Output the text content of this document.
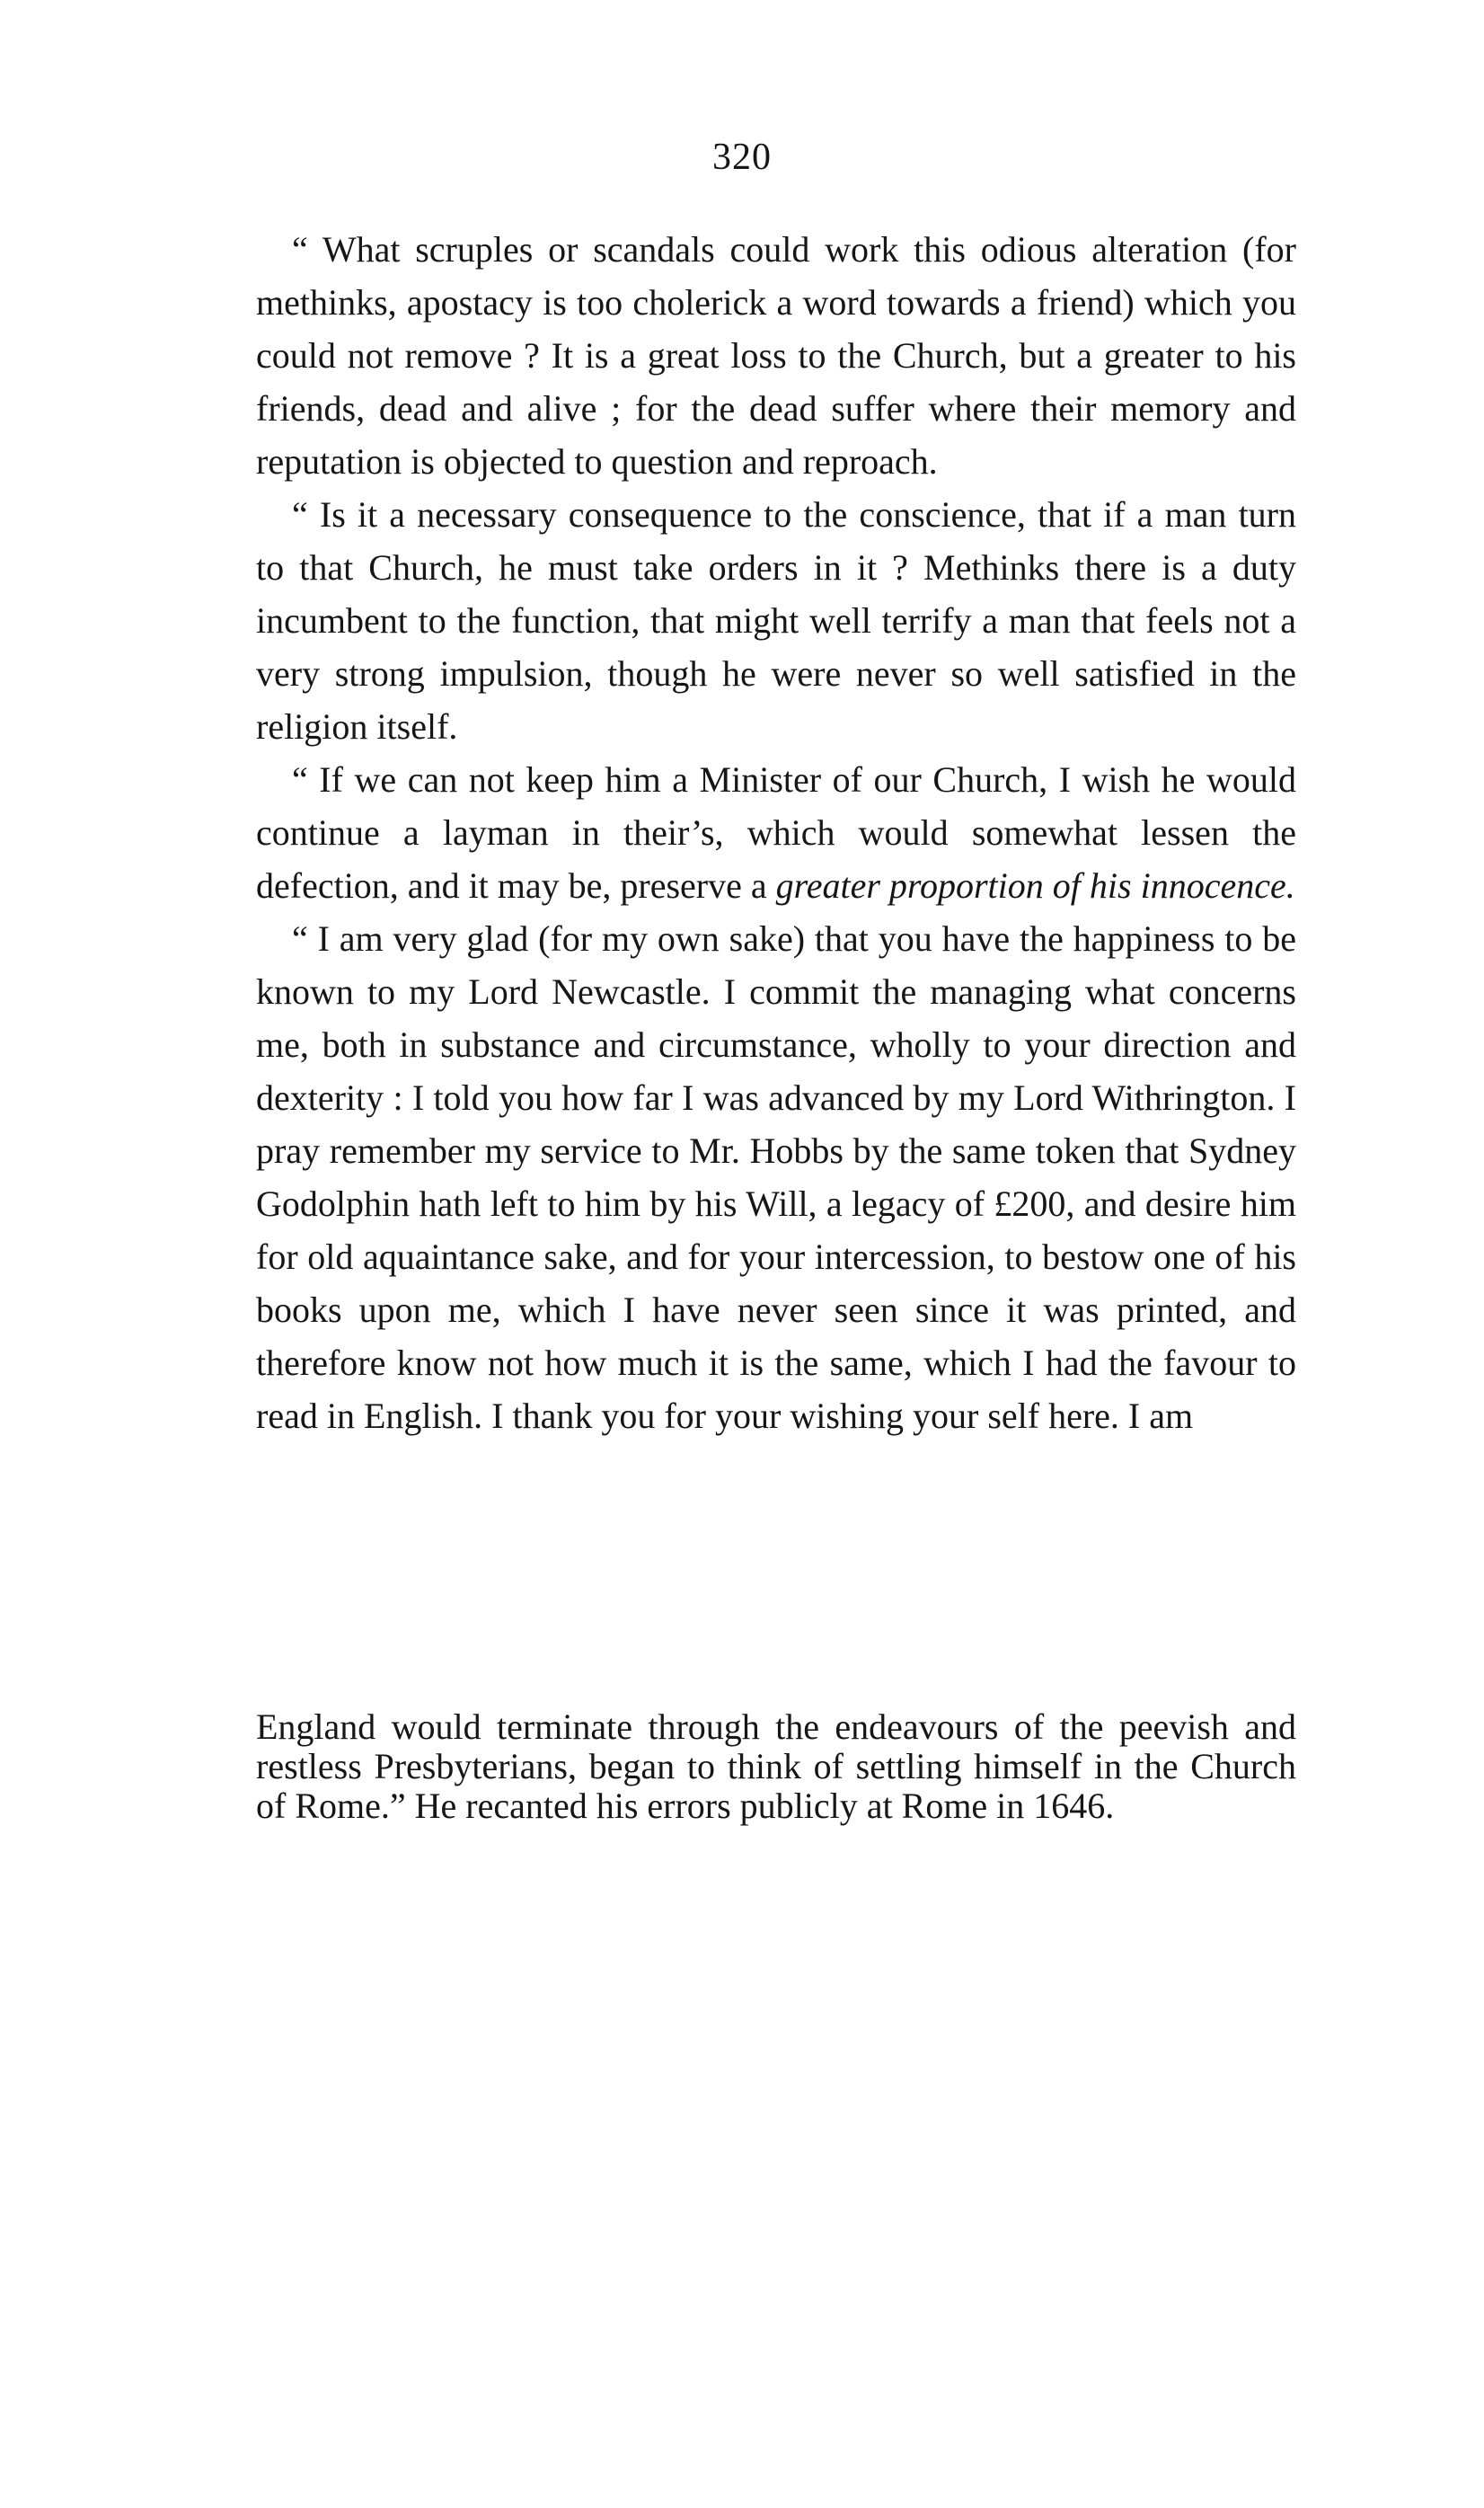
320

“ What scruples or scandals could work this odious alteration (for methinks, apostacy is too cholerick a word towards a friend) which you could not remove ? It is a great loss to the Church, but a greater to his friends, dead and alive ; for the dead suffer where their memory and reputation is objected to question and reproach.

“ Is it a necessary consequence to the conscience, that if a man turn to that Church, he must take orders in it ? Methinks there is a duty incumbent to the function, that might well terrify a man that feels not a very strong impulsion, though he were never so well satisfied in the religion itself.

“ If we can not keep him a Minister of our Church, I wish he would continue a layman in their’s, which would somewhat lessen the defection, and it may be, preserve a greater proportion of his innocence.

“ I am very glad (for my own sake) that you have the happiness to be known to my Lord Newcastle. I commit the managing what concerns me, both in substance and circumstance, wholly to your direction and dexterity : I told you how far I was advanced by my Lord Withrington. I pray remember my service to Mr. Hobbs by the same token that Sydney Godolphin hath left to him by his Will, a legacy of £200, and desire him for old aquaintance sake, and for your intercession, to bestow one of his books upon me, which I have never seen since it was printed, and therefore know not how much it is the same, which I had the favour to read in English. I thank you for your wishing your self here. I am

England would terminate through the endeavours of the peevish and restless Presbyterians, began to think of settling himself in the Church of Rome.” He recanted his errors publicly at Rome in 1646.
